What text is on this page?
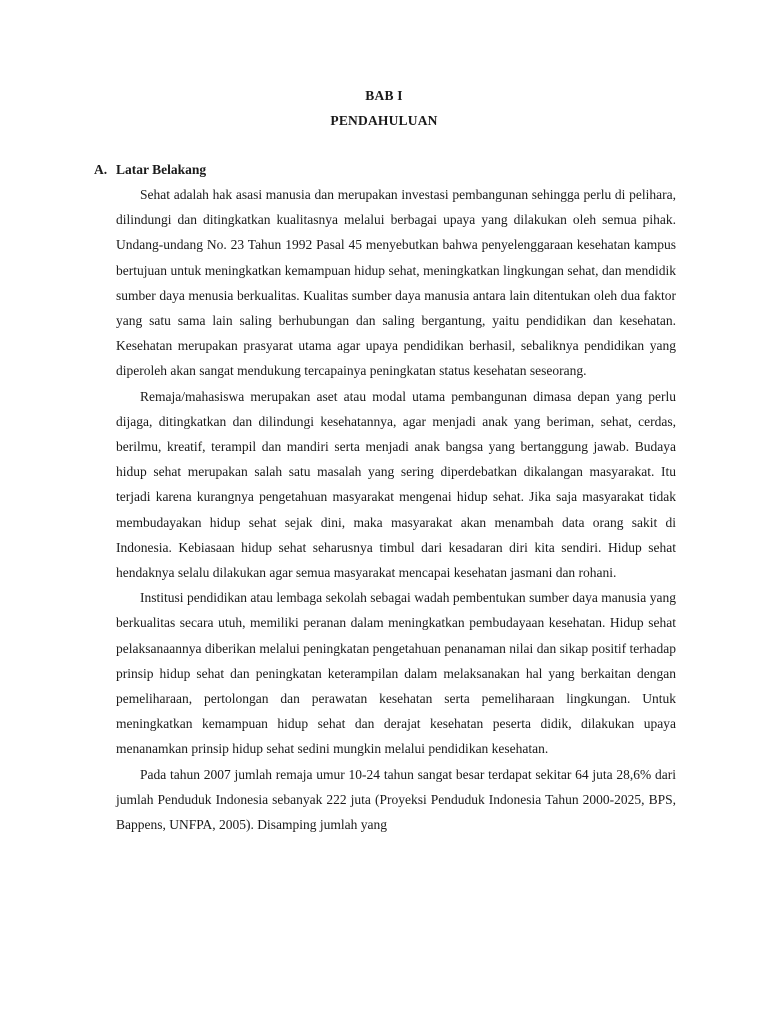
BAB I
PENDAHULUAN
A. Latar Belakang

Sehat adalah hak asasi manusia dan merupakan investasi pembangunan sehingga perlu di pelihara, dilindungi dan ditingkatkan kualitasnya melalui berbagai upaya yang dilakukan oleh semua pihak. Undang-undang No. 23 Tahun 1992 Pasal 45 menyebutkan bahwa penyelenggaraan kesehatan kampus bertujuan untuk meningkatkan kemampuan hidup sehat, meningkatkan lingkungan sehat, dan mendidik sumber daya menusia berkualitas. Kualitas sumber daya manusia antara lain ditentukan oleh dua faktor yang satu sama lain saling berhubungan dan saling bergantung, yaitu pendidikan dan kesehatan. Kesehatan merupakan prasyarat utama agar upaya pendidikan berhasil, sebaliknya pendidikan yang diperoleh akan sangat mendukung tercapainya peningkatan status kesehatan seseorang.

Remaja/mahasiswa merupakan aset atau modal utama pembangunan dimasa depan yang perlu dijaga, ditingkatkan dan dilindungi kesehatannya, agar menjadi anak yang beriman, sehat, cerdas, berilmu, kreatif, terampil dan mandiri serta menjadi anak bangsa yang bertanggung jawab. Budaya hidup sehat merupakan salah satu masalah yang sering diperdebatkan dikalangan masyarakat. Itu terjadi karena kurangnya pengetahuan masyarakat mengenai hidup sehat. Jika saja masyarakat tidak membudayakan hidup sehat sejak dini, maka masyarakat akan menambah data orang sakit di Indonesia. Kebiasaan hidup sehat seharusnya timbul dari kesadaran diri kita sendiri. Hidup sehat hendaknya selalu dilakukan agar semua masyarakat mencapai kesehatan jasmani dan rohani.

Institusi pendidikan atau lembaga sekolah sebagai wadah pembentukan sumber daya manusia yang berkualitas secara utuh, memiliki peranan dalam meningkatkan pembudayaan kesehatan. Hidup sehat pelaksanaannya diberikan melalui peningkatan pengetahuan penanaman nilai dan sikap positif terhadap prinsip hidup sehat dan peningkatan keterampilan dalam melaksanakan hal yang berkaitan dengan pemeliharaan, pertolongan dan perawatan kesehatan serta pemeliharaan lingkungan. Untuk meningkatkan kemampuan hidup sehat dan derajat kesehatan peserta didik, dilakukan upaya menanamkan prinsip hidup sehat sedini mungkin melalui pendidikan kesehatan.

Pada tahun 2007 jumlah remaja umur 10-24 tahun sangat besar terdapat sekitar 64 juta 28,6% dari jumlah Penduduk Indonesia sebanyak 222 juta (Proyeksi Penduduk Indonesia Tahun 2000-2025, BPS, Bappens, UNFPA, 2005). Disamping jumlah yang
